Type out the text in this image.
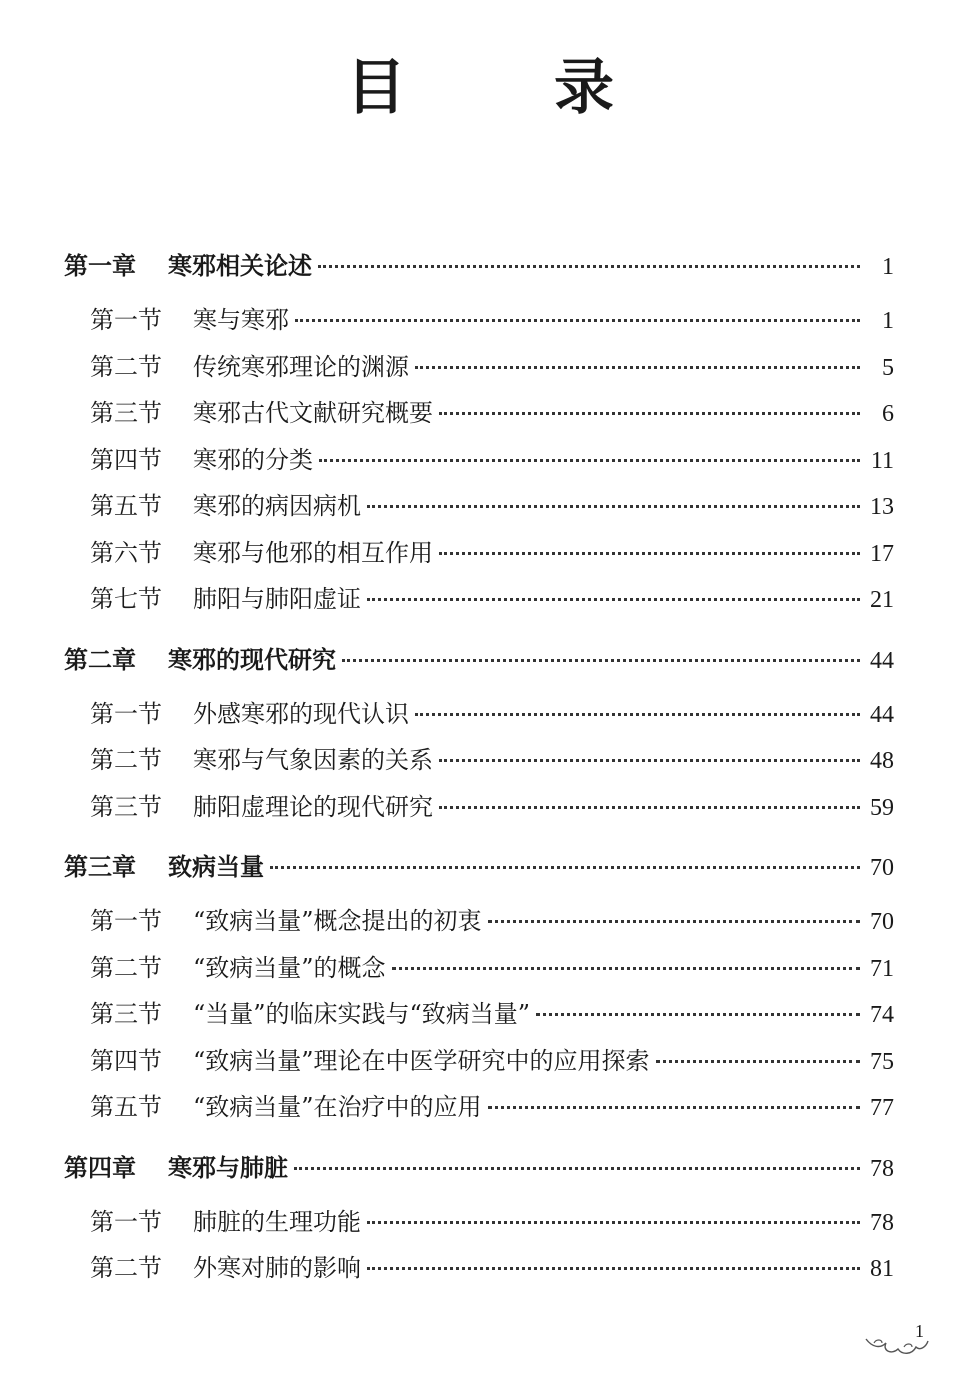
目　录
第一章 寒邪相关论述	1
第一节 寒与寒邪	1
第二节 传统寒邪理论的渊源	5
第三节 寒邪古代文献研究概要	6
第四节 寒邪的分类	11
第五节 寒邪的病因病机	13
第六节 寒邪与他邪的相互作用	17
第七节 肺阳与肺阳虚证	21
第二章 寒邪的现代研究	44
第一节 外感寒邪的现代认识	44
第二节 寒邪与气象因素的关系	48
第三节 肺阳虚理论的现代研究	59
第三章 致病当量	70
第一节 “致病当量”概念提出的初衷	70
第二节 “致病当量”的概念	71
第三节 “当量”的临床实践与“致病当量”	74
第四节 “致病当量”理论在中医学研究中的应用探索	75
第五节 “致病当量”在治疗中的应用	77
第四章 寒邪与肺脏	78
第一节 肺脏的生理功能	78
第二节 外寒对肺的影响	81
1
